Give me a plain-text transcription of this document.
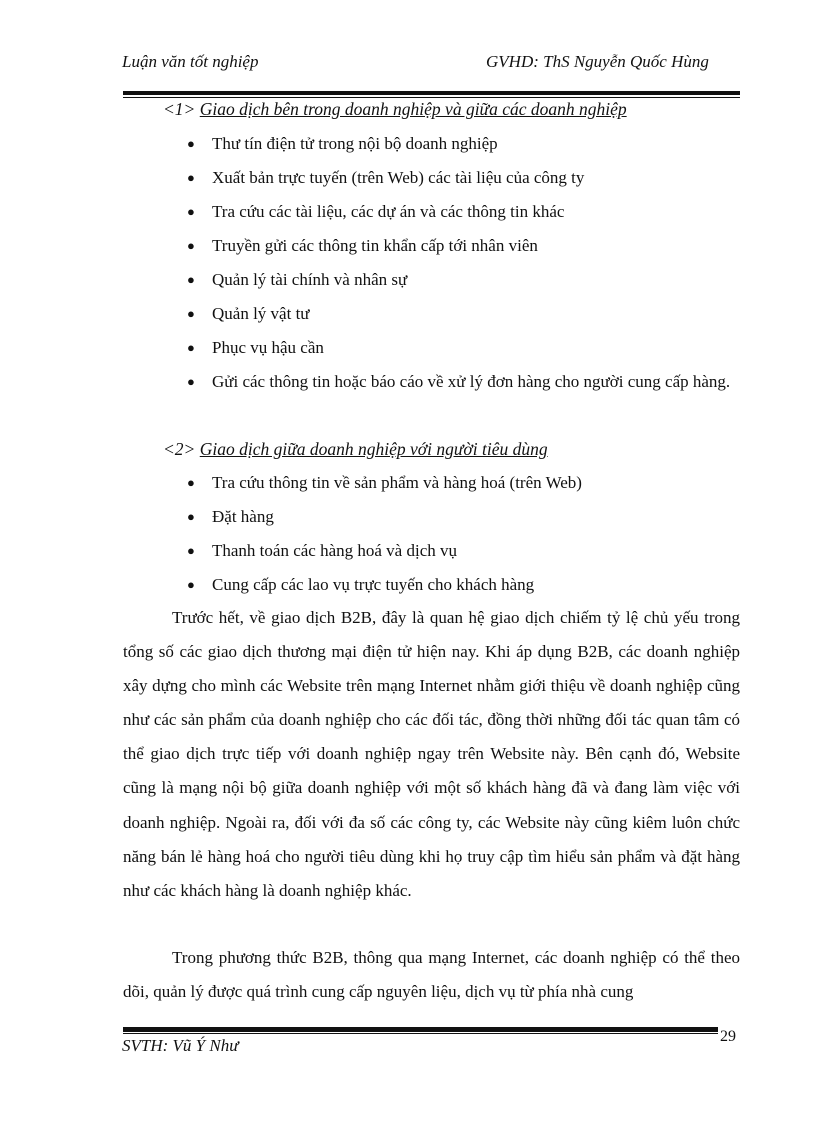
Luận văn tốt nghiệp	GVHD: ThS Nguyễn Quốc Hùng
<1> Giao dịch bên trong doanh nghiệp và giữa các doanh nghiệp
● Thư tín điện tử trong nội bộ doanh nghiệp
● Xuất bản trực tuyến (trên Web) các tài liệu của công ty
● Tra cứu các tài liệu, các dự án và các thông tin khác
● Truyền gửi các thông tin khẩn cấp tới nhân viên
● Quản lý tài chính và nhân sự
● Quản lý vật tư
● Phục vụ hậu cần
● Gửi các thông tin hoặc báo cáo về xử lý đơn hàng cho người cung cấp hàng.
<2> Giao dịch giữa doanh nghiệp với người tiêu dùng
● Tra cứu thông tin về sản phẩm và hàng hoá (trên Web)
● Đặt hàng
● Thanh toán các hàng hoá và dịch vụ
● Cung cấp các lao vụ trực tuyến cho khách hàng

Trước hết, về giao dịch B2B, đây là quan hệ giao dịch chiếm tỷ lệ chủ yếu trong tổng số các giao dịch thương mại điện tử hiện nay. Khi áp dụng B2B, các doanh nghiệp xây dựng cho mình các Website trên mạng Internet nhằm giới thiệu về doanh nghiệp cũng như các sản phẩm của doanh nghiệp cho các đối tác, đồng thời những đối tác quan tâm có thể giao dịch trực tiếp với doanh nghiệp ngay trên Website này. Bên cạnh đó, Website cũng là mạng nội bộ giữa doanh nghiệp với một số khách hàng đã và đang làm việc với doanh nghiệp. Ngoài ra, đối với đa số các công ty, các Website này cũng kiêm luôn chức năng bán lẻ hàng hoá cho người tiêu dùng khi họ truy cập tìm hiểu sản phẩm và đặt hàng như các khách hàng là doanh nghiệp khác.

Trong phương thức B2B, thông qua mạng Internet, các doanh nghiệp có thể theo dõi, quản lý được quá trình cung cấp nguyên liệu, dịch vụ từ phía nhà cung

SVTH: Vũ Ý Như	29
